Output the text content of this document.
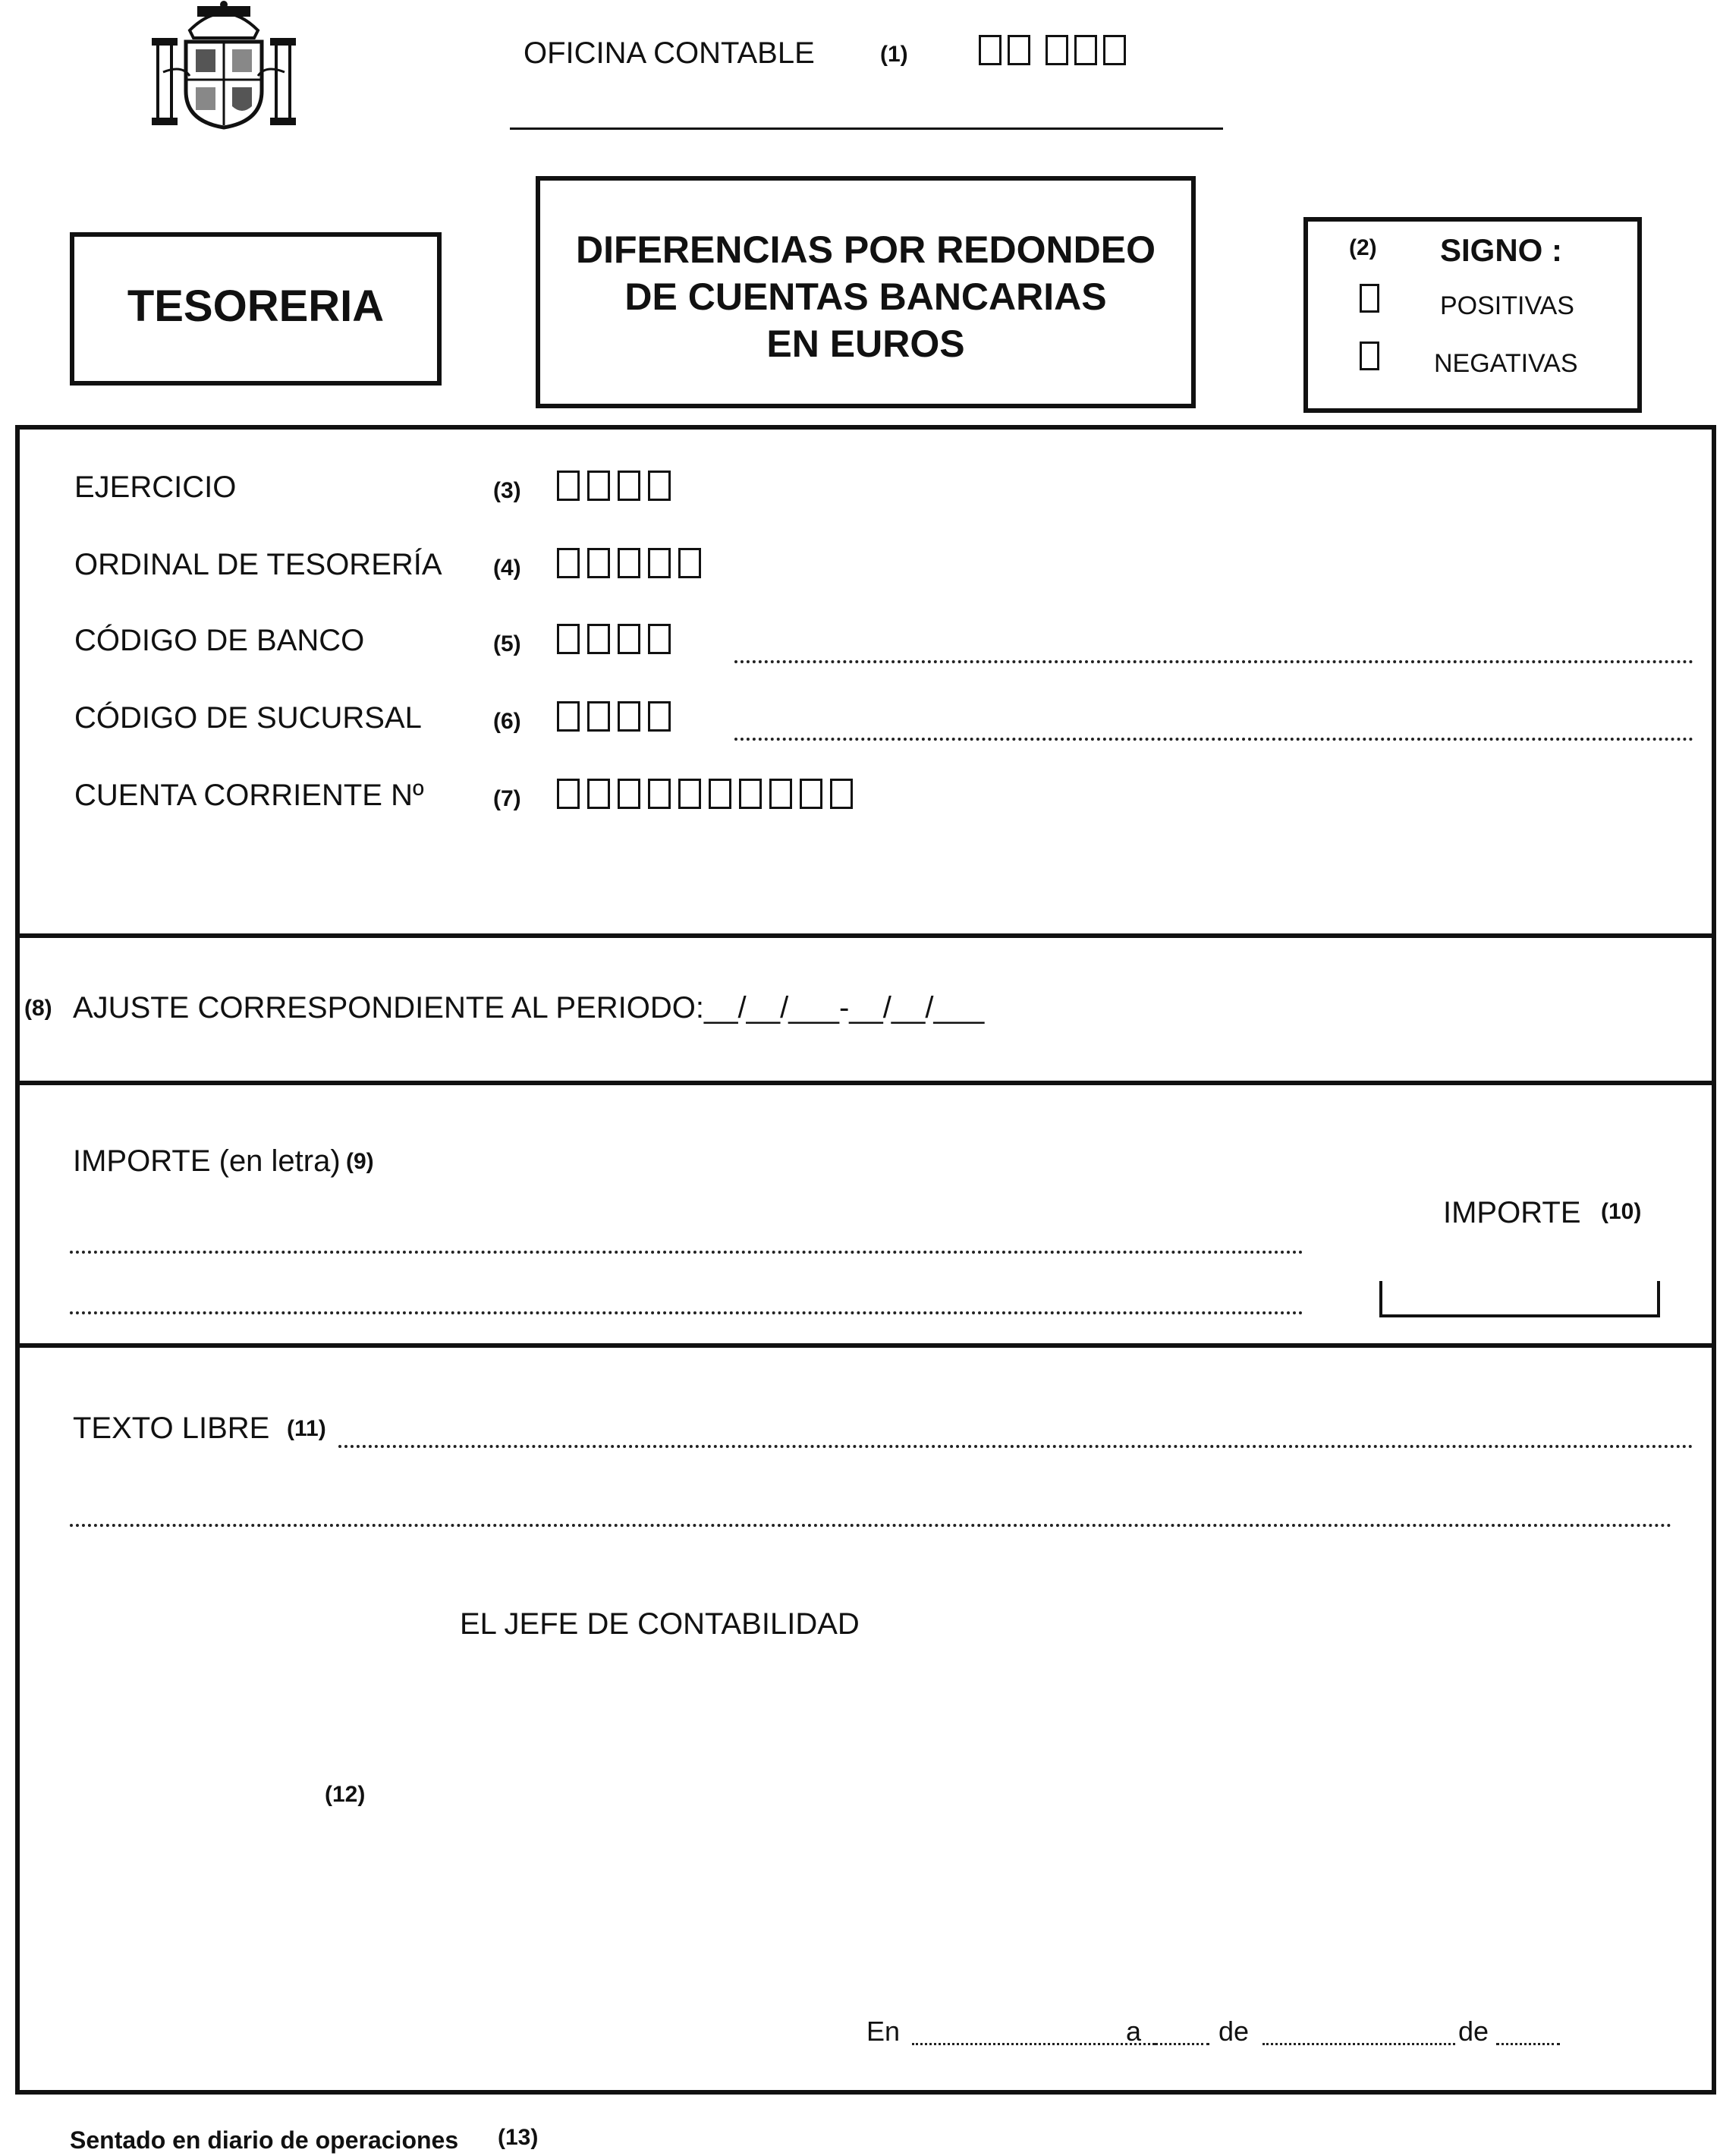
OFICINA CONTABLE	(1)
TESORERIA
DIFERENCIAS POR REDONDEO
DE CUENTAS BANCARIAS
EN EUROS
(2) SIGNO :
POSITIVAS
NEGATIVAS
EJERCICIO	(3)
ORDINAL DE TESORERÍA (4)
CÓDIGO DE BANCO	(5)
CÓDIGO DE SUCURSAL	(6)
CUENTA CORRIENTE Nº	(7)
(8) AJUSTE CORRESPONDIENTE AL PERIODO: __/__/___-__/__/___
IMPORTE (en letra) (9)
IMPORTE (10)
TEXTO LIBRE (11)
EL JEFE DE CONTABILIDAD
(12)
En	a	de	de
Sentado en diario de operaciones (13)
